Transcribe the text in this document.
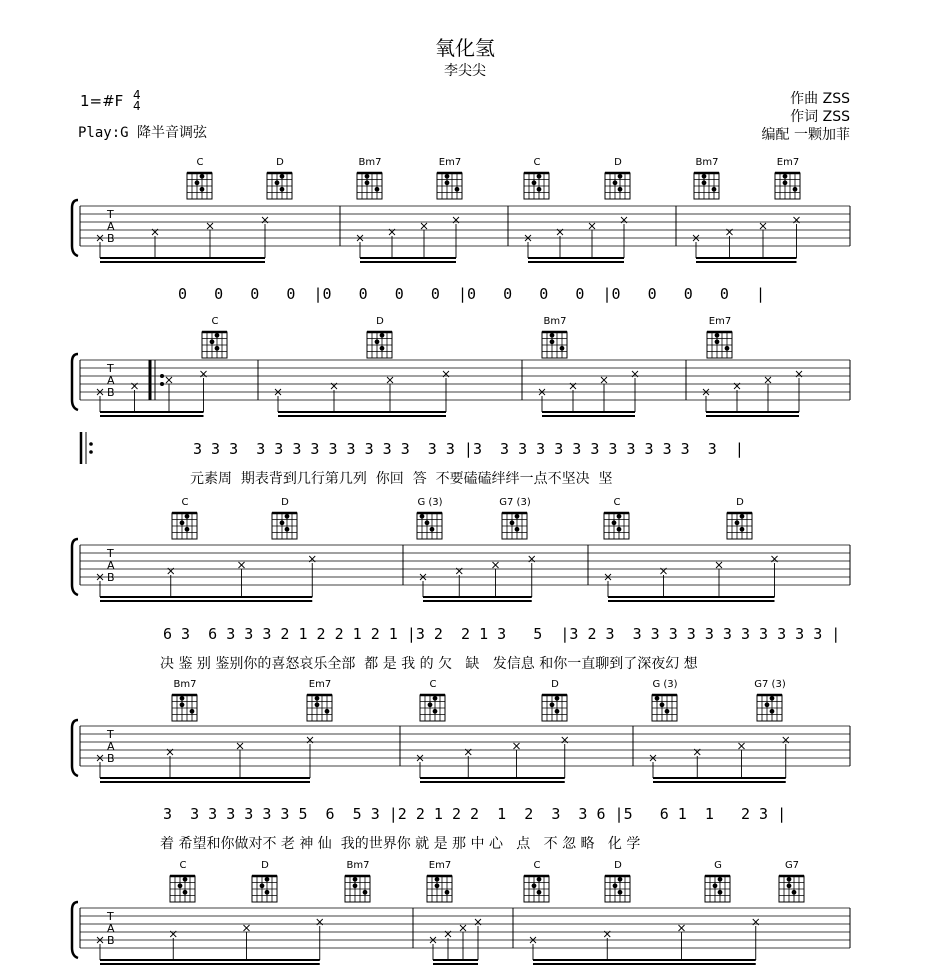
氧化氢
李尖尖
1=#F 4
4
Play:G 降半音调弦
作曲 ZSS
作词 ZSS
编配 一颗加菲
0   0   0   0  |0   0   0   0  |0   0   0   0  |0   0   0   0   |
3 3 3  3 3 3 3 3 3 3 3 3  3 3 |3  3 3 3 3 3 3 3 3 3 3 3  3  |
元素周  期表背到几行第几列  你回  答  不要磕磕绊绊一点不坚决  坚
6 3  6 3 3 3 2 1 2 2 1 2 1 |3 2  2 1 3   5  |3 2 3  3 3 3 3 3 3 3 3 3 3 3 |
决 鉴 别 鉴别你的喜怒哀乐全部  都 是 我 的 欠   缺   发信息 和你一直聊到了深夜幻 想
3  3 3 3 3 3 3 5  6  5 3 |2 2 1 2 2  1  2  3  3 6 |5   6 1  1   2 3 |
着 希望和你做对不 老 神 仙  我的世界你 就 是 那 中 心   点   不 忽 略   化 学
C	D	Bm7	Em7	C	D	Bm7	Em7
T
A
B
C	D	Bm7	Em7
T
A
B
C	D	G (3)	G7 (3)	C	D
T
A
B
Bm7	Em7	C	D	G (3)	G7 (3)
T
A
B
C	D	Bm7	Em7	C	D	G	G7
T
A
B
